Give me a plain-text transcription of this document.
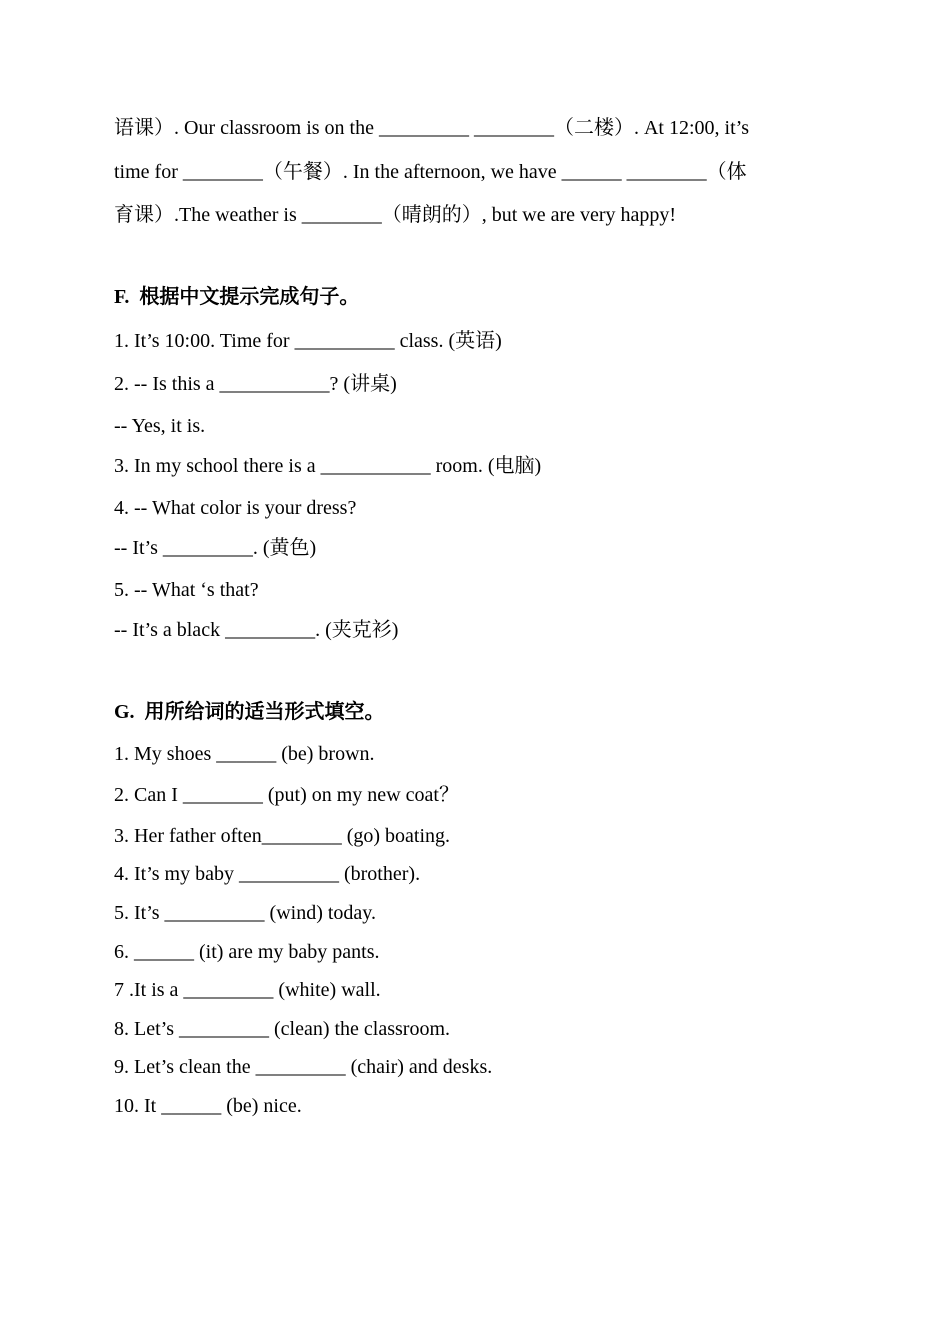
语课）. Our classroom is on the _________ ________（二楼）. At 12:00, it’s
time for ________（午餐）. In the afternoon, we have ______ ________（体
育课）.The weather is ________（晴朗的）, but we are very happy!
F.  根据中文提示完成句子。
1. It’s 10:00. Time for __________ class. (英语)
2. -- Is this a ___________? (讲桌)
-- Yes, it is.
3. In my school there is a ___________ room. (电脑)
4. -- What color is your dress?
-- It’s _________. (黄色)
5. -- What ‘s that?
-- It’s a black _________. (夹克衫)
G.  用所给词的适当形式填空。
1. My shoes ______ (be) brown.
2. Can I ________ (put) on my new coat？
3. Her father often________ (go) boating.
4. It’s my baby __________ (brother).
5. It’s __________ (wind) today.
6. ______ (it) are my baby pants.
7 .It is a _________ (white) wall.
8. Let’s _________ (clean) the classroom.
9. Let’s clean the _________ (chair) and desks.
10. It ______ (be) nice.
